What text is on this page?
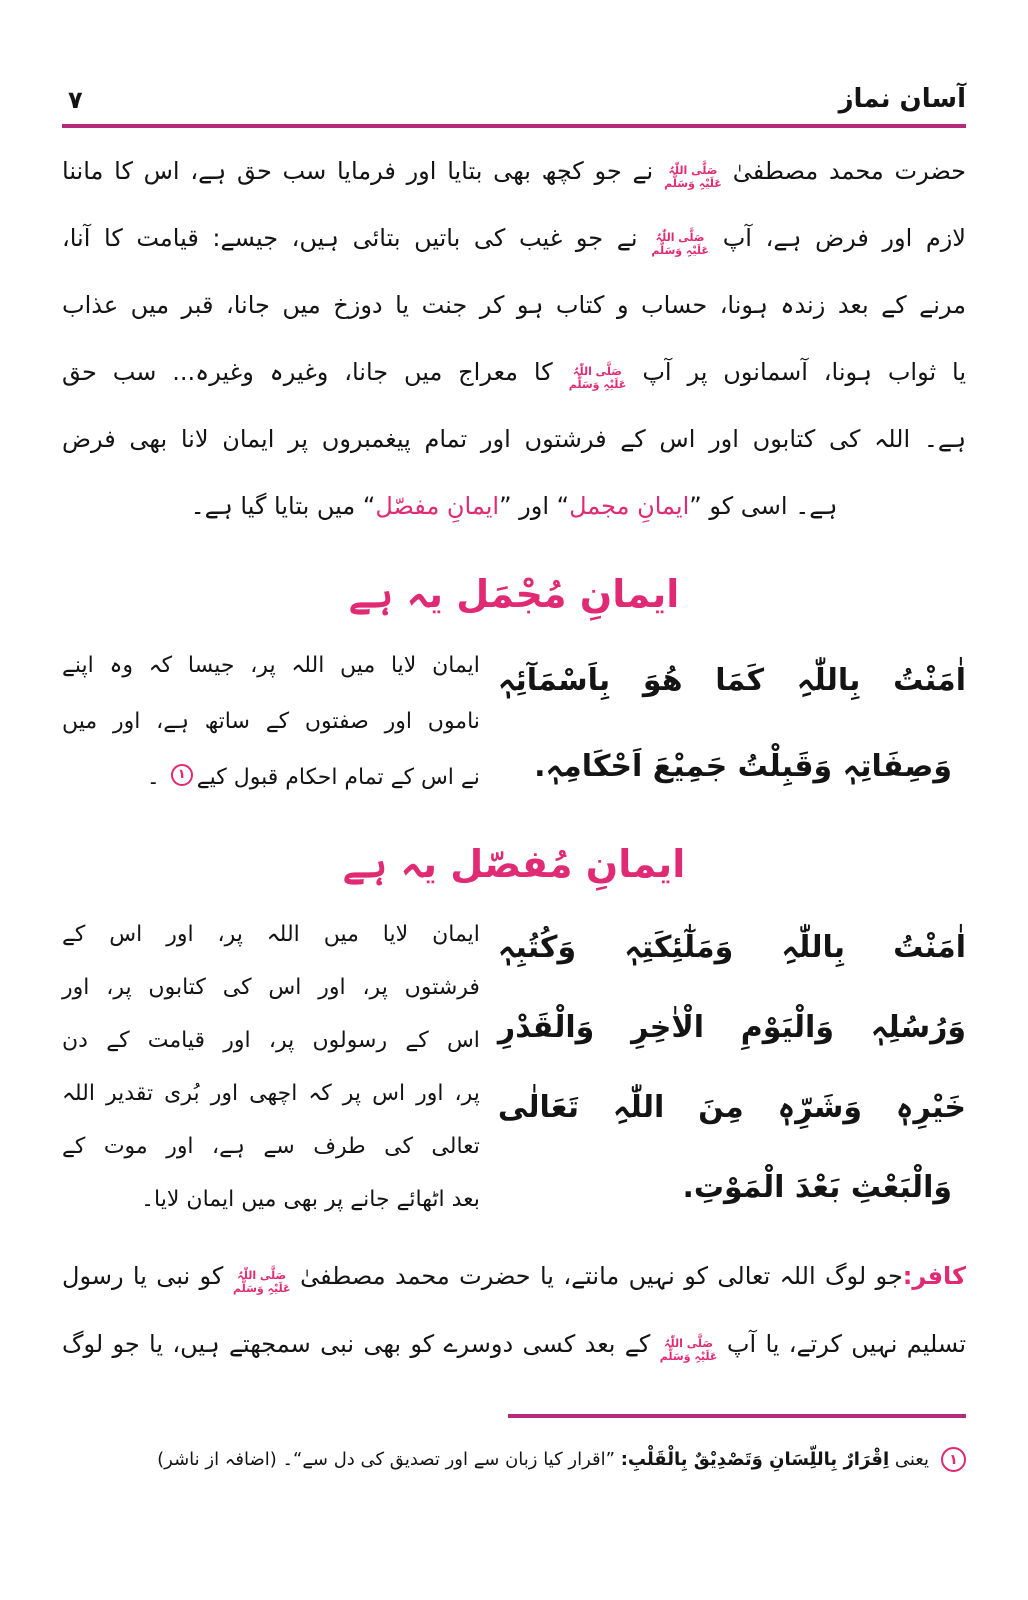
آسان نماز
۷
حضرت محمد مصطفیٰ صَلَّی اللّٰہُ عَلَیْہِ وَسَلَّم نے جو کچھ بھی بتایا اور فرمایا سب حق ہے، اس کا ماننا
لازم اور فرض ہے، آپ صَلَّی اللّٰہُ عَلَیْہِ وَسَلَّم نے جو غیب کی باتیں بتائی ہیں، جیسے: قیامت کا آنا،
مرنے کے بعد زندہ ہونا، حساب و کتاب ہو کر جنت یا دوزخ میں جانا، قبر میں عذاب
یا ثواب ہونا، آسمانوں پر آپ صَلَّی اللّٰہُ عَلَیْہِ وَسَلَّم کا معراج میں جانا، وغیرہ وغیرہ... سب حق
ہے۔ اللہ کی کتابوں اور اس کے فرشتوں اور تمام پیغمبروں پر ایمان لانا بھی فرض
ہے۔ اسی کو ”ایمانِ مجمل“ اور ”ایمانِ مفصّل“ میں بتایا گیا ہے۔
ایمانِ مُجْمَل یہ ہے
اٰمَنْتُ بِاللّٰہِ کَمَا ھُوَ بِاَسْمَآئِہٖ
وَصِفَاتِہٖ وَقَبِلْتُ جَمِیْعَ اَحْکَامِہٖ.
ایمان لایا میں اللہ پر، جیسا کہ وہ اپنے
ناموں اور صفتوں کے ساتھ ہے، اور میں
نے اس کے تمام احکام قبول کیے۱ ۔
ایمانِ مُفصّل یہ ہے
اٰمَنْتُ بِاللّٰہِ وَمَلٰٓئِکَتِہٖ وَکُتُبِہٖ
وَرُسُلِہٖ وَالْیَوْمِ الْاٰخِرِ وَالْقَدْرِ
خَیْرِہٖ وَشَرِّہٖ مِنَ اللّٰہِ تَعَالٰی
وَالْبَعْثِ بَعْدَ الْمَوْتِ.
ایمان لایا میں اللہ پر، اور اس کے
فرشتوں پر، اور اس کی کتابوں پر، اور
اس کے رسولوں پر، اور قیامت کے دن
پر، اور اس پر کہ اچھی اور بُری تقدیر اللہ
تعالی کی طرف سے ہے، اور موت کے
بعد اٹھائے جانے پر بھی میں ایمان لایا۔
کافر:جو لوگ اللہ تعالی کو نہیں مانتے، یا حضرت محمد مصطفیٰ صَلَّی اللّٰہُ عَلَیْہِ وَسَلَّم کو نبی یا رسول
تسلیم نہیں کرتے، یا آپ صَلَّی اللّٰہُ عَلَیْہِ وَسَلَّم کے بعد کسی دوسرے کو بھی نبی سمجھتے ہیں، یا جو لوگ
۱
یعنی اِقْرَارٌ بِاللِّسَانِ وَتَصْدِیْقٌ بِالْقَلْبِ: ”اقرار کیا زبان سے اور تصدیق کی دل سے“۔ (اضافہ از ناشر)
